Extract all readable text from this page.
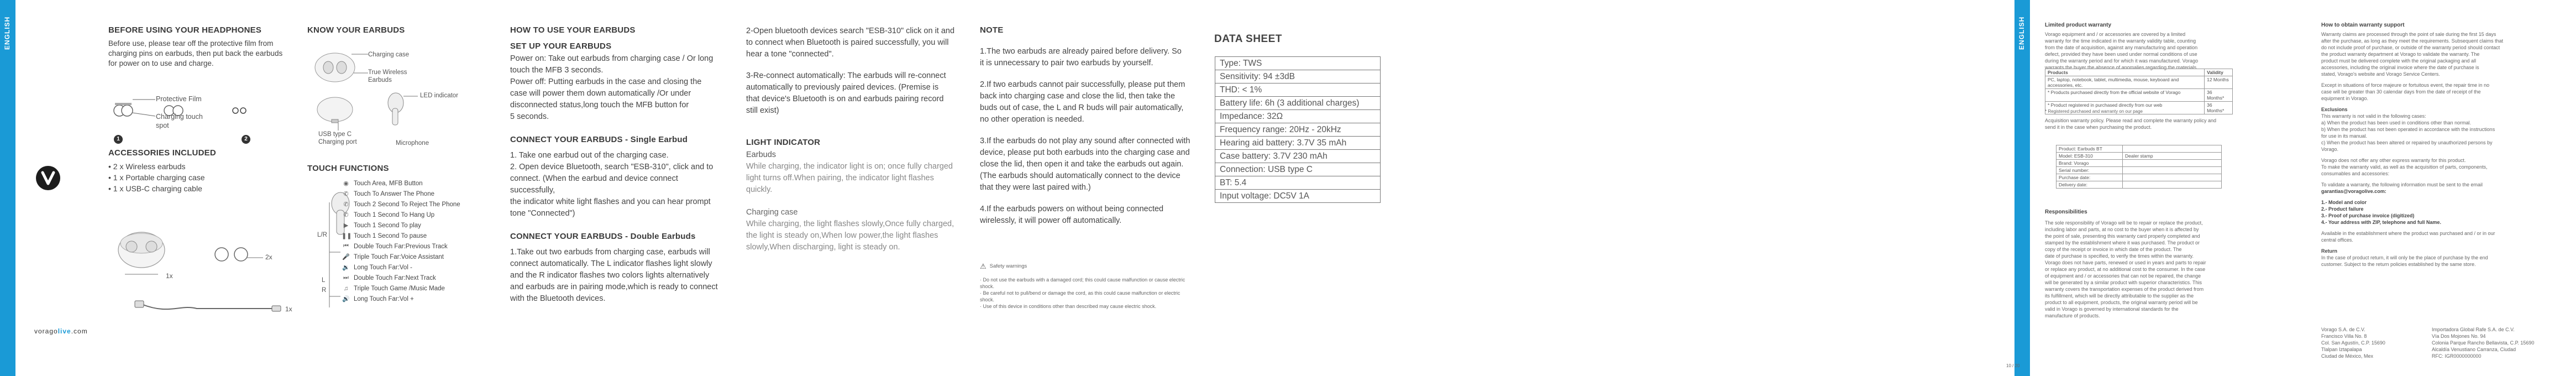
ENGLISH
voragolive.com
BEFORE USING YOUR HEADPHONES
Before use, please tear off the protective film from
charging pins on earbuds, then put back the earbuds
for power on to use and charge.
Protective Film
Charging touch
spot
1	2
ACCESSORIES INCLUDED
• 2 x Wireless earbuds
• 1 x Portable charging case
• 1 x USB-C charging cable
1x
2x
1x
KNOW YOUR EARBUDS
Charging case
True Wireless
Earbuds
LED indicator
USB type C
Charging port	Microphone
TOUCH FUNCTIONS
L/R
L
R
◉ Touch Area, MFB Button
✆ Touch To Answer The Phone
✆ Touch 2 Second To Reject The Phone
✆ Touch 1 Second To Hang Up
▶ Touch 1 Second To play
❚❚ Touch 1 Second To pause
⏮ Double Touch Far:Previous Track
🎤 Triple Touch Far:Voice Assistant
🔉 Long Touch Far:Vol -
⏭ Double Touch Far:Next Track
♫ Triple Touch Game /Music Made
🔊 Long Touch Far:Vol +
HOW TO USE YOUR EARBUDS
SET UP YOUR EARBUDS
Power on: Take out earbuds from charging case / Or long
touch the MFB 3 seconds.
Power off: Putting earbuds in the case and closing the
case will power them down automatically /Or under
disconnected status,long touch the MFB button for
5 seconds.
CONNECT YOUR EARBUDS - Single Earbud
1. Take one earbud out of the charging case.
2. Open device Bluetooth, search "ESB-310", click and to
connect. (When the earbud and device connect successfully,
the indicator white light flashes and you can hear prompt
tone "Connected")
CONNECT YOUR EARBUDS - Double Earbuds
1.Take out two earbuds from charging case, earbuds will
connect automatically. The L indicator flashes light slowly
and the R indicator flashes two colors lights alternatively
and earbuds are in pairing mode,which is ready to connect
with the Bluetooth devices.
2-Open bluetooth devices search "ESB-310" click on it and
to connect when Bluetooth is paired successfully, you will
hear a tone "connected".
3-Re-connect automatically: The earbuds will re-connect
automatically to previously paired devices. (Premise is
that device's Bluetooth is on and earbuds pairing record
still exist)
LIGHT INDICATOR
Earbuds
While charging, the indicator light is on; once fully charged
light turns off.When pairing, the indicator light flashes quickly.
Charging case
While charging, the light flashes slowly,Once fully charged,
the light is steady on,When low power,the light flashes
slowly,When discharging, light is steady on.
NOTE
1.The two earbuds are already paired before delivery. So
it is unnecessary to pair two earbuds by yourself.
2.If two earbuds cannot pair successfully, please put them
back into charging case and close the lid, then take the
buds out of case, the L and R buds will pair automatically,
no other operation is needed.
3.If the earbuds do not play any sound after connected with
device, please put both earbuds into the charging case and
close the lid, then open it and take the earbuds out again.
(The earbuds should automatically connect to the device
that they were last paired with.)
4.If the earbuds powers on without being connected
wirelessly, it will power off automatically.
⚠ Safety warnings
· Do not use the earbuds with a damaged cord; this could cause malfunction or cause electric
shock.
· Be careful not to pull/bend or damage the cord, as this could cause malfunction or electric
shock.
· Use of this device in conditions other than described may cause electric shock.
DATA SHEET
Type: TWS
Sensitivity: 94 ±3dB
THD: < 1%
Battery life: 6h (3 additional charges)
Impedance: 32Ω
Frequency range: 20Hz - 20kHz
Hearing aid battery: 3.7V 35 mAh
Case battery: 3.7V 230 mAh
Connection: USB type C
BT: 5.4
Input voltage: DC5V 1A
ENGLISH	Limited product warranty
Vorago equipment and / or accessories are covered by a limited
warranty for the time indicated in the warranty validity table, counting
from the date of acquisition, against any manufacturing and operation
defect, provided they have been used under normal conditions of use
during the warranty period and for which it was manufactured. Vorago
warrants the buyer the absence of anomalies regarding the materials.
Products	Validity
PC, laptop, notebook, tablet, multimedia, mouse, keyboard and accessories, etc.	12 Months
* Products purchased directly from the official website of Vorago	36 Months*
* Product registered in purchased directly from our web	36 Months*
* Registered purchased and warranty on our page
Acquisition warranty policy. Please read and complete the warranty policy and
send it in the case when purchasing the product.
Product: Earbuds BT	
Model: ESB-310	Dealer stamp
Brand: Vorago	
Serial number:	
Purchase date:	
Delivery date:	
Responsibilities
The sole responsibility of Vorago will be to repair or replace the product,
including labor and parts, at no cost to the buyer when it is affected by
the point of sale, presenting this warranty card properly completed and
stamped by the establishment where it was purchased. The product or
copy of the receipt or invoice in which date of the product. The
date of purchase is specified, to verify the times within the warranty.
Vorago does not have parts, renewed or used in years and parts to repair
or replace any product, at no additional cost to the consumer. In the case
of equipment and / or accessories that can not be repaired, the change
will be generated by a similar product with superior characteristics. This
warranty covers the transportation expenses of the product derived from
its fulfillment, which will be directly attributable to the supplier as the
product to all equipment, products, the original warranty period will be
valid in Vorago is governed by international standards for the
manufacture of products.
10 / 20
How to obtain warranty support
Warranty claims are processed through the point of sale during the first 15 days
after the purchase, as long as they meet the requirements. Subsequent claims that
do not include proof of purchase, or outside of the warranty period should contact
the product warranty department at Vorago to validate the warranty. The
product must be delivered complete with the original packaging and all
accessories, including the original invoice where the date of purchase is
stated, Vorago's website and Vorago Service Centers.
Except in situations of force majeure or fortuitous event, the repair time in no
case will be greater than 30 calendar days from the date of receipt of the
equipment in Vorago.
Exclusions
This warranty is not valid in the following cases:
a) When the product has been used in conditions other than normal.
b) When the product has not been operated in accordance with the instructions
for use in its manual.
c) When the product has been altered or repaired by unauthorized persons by
Vorago.
Vorago does not offer any other express warranty for this product.
To make the warranty valid, as well as the acquisition of parts, components,
consumables and accessories:
To validate a warranty, the following information must be sent to the email
garantias@voragolive.com:
1.- Model and color
2.- Product failure
3.- Proof of purchase invoice (digitized)
4.- Your address with ZIP, telephone and full Name.
Available in the establishment where the product was purchased and / or in our
central offices.
Return
In the case of product return, it will only be the place of purchase by the end
customer. Subject to the return policies established by the same store.
Vorago S.A. de C.V.
Francisco Villa No. 8
Col. San Agustín, C.P. 15690
Tlalpan Iztapalapa
Ciudad de México, Mex
Importadora Global Rafe S.A. de C.V.
Vía Dos Mojones No. 94
Colonia Parque Rancho Bellavista, C.P. 15690
Alcaldía Venustiano Carranza, Ciudad
RFC: IGR0000000000
